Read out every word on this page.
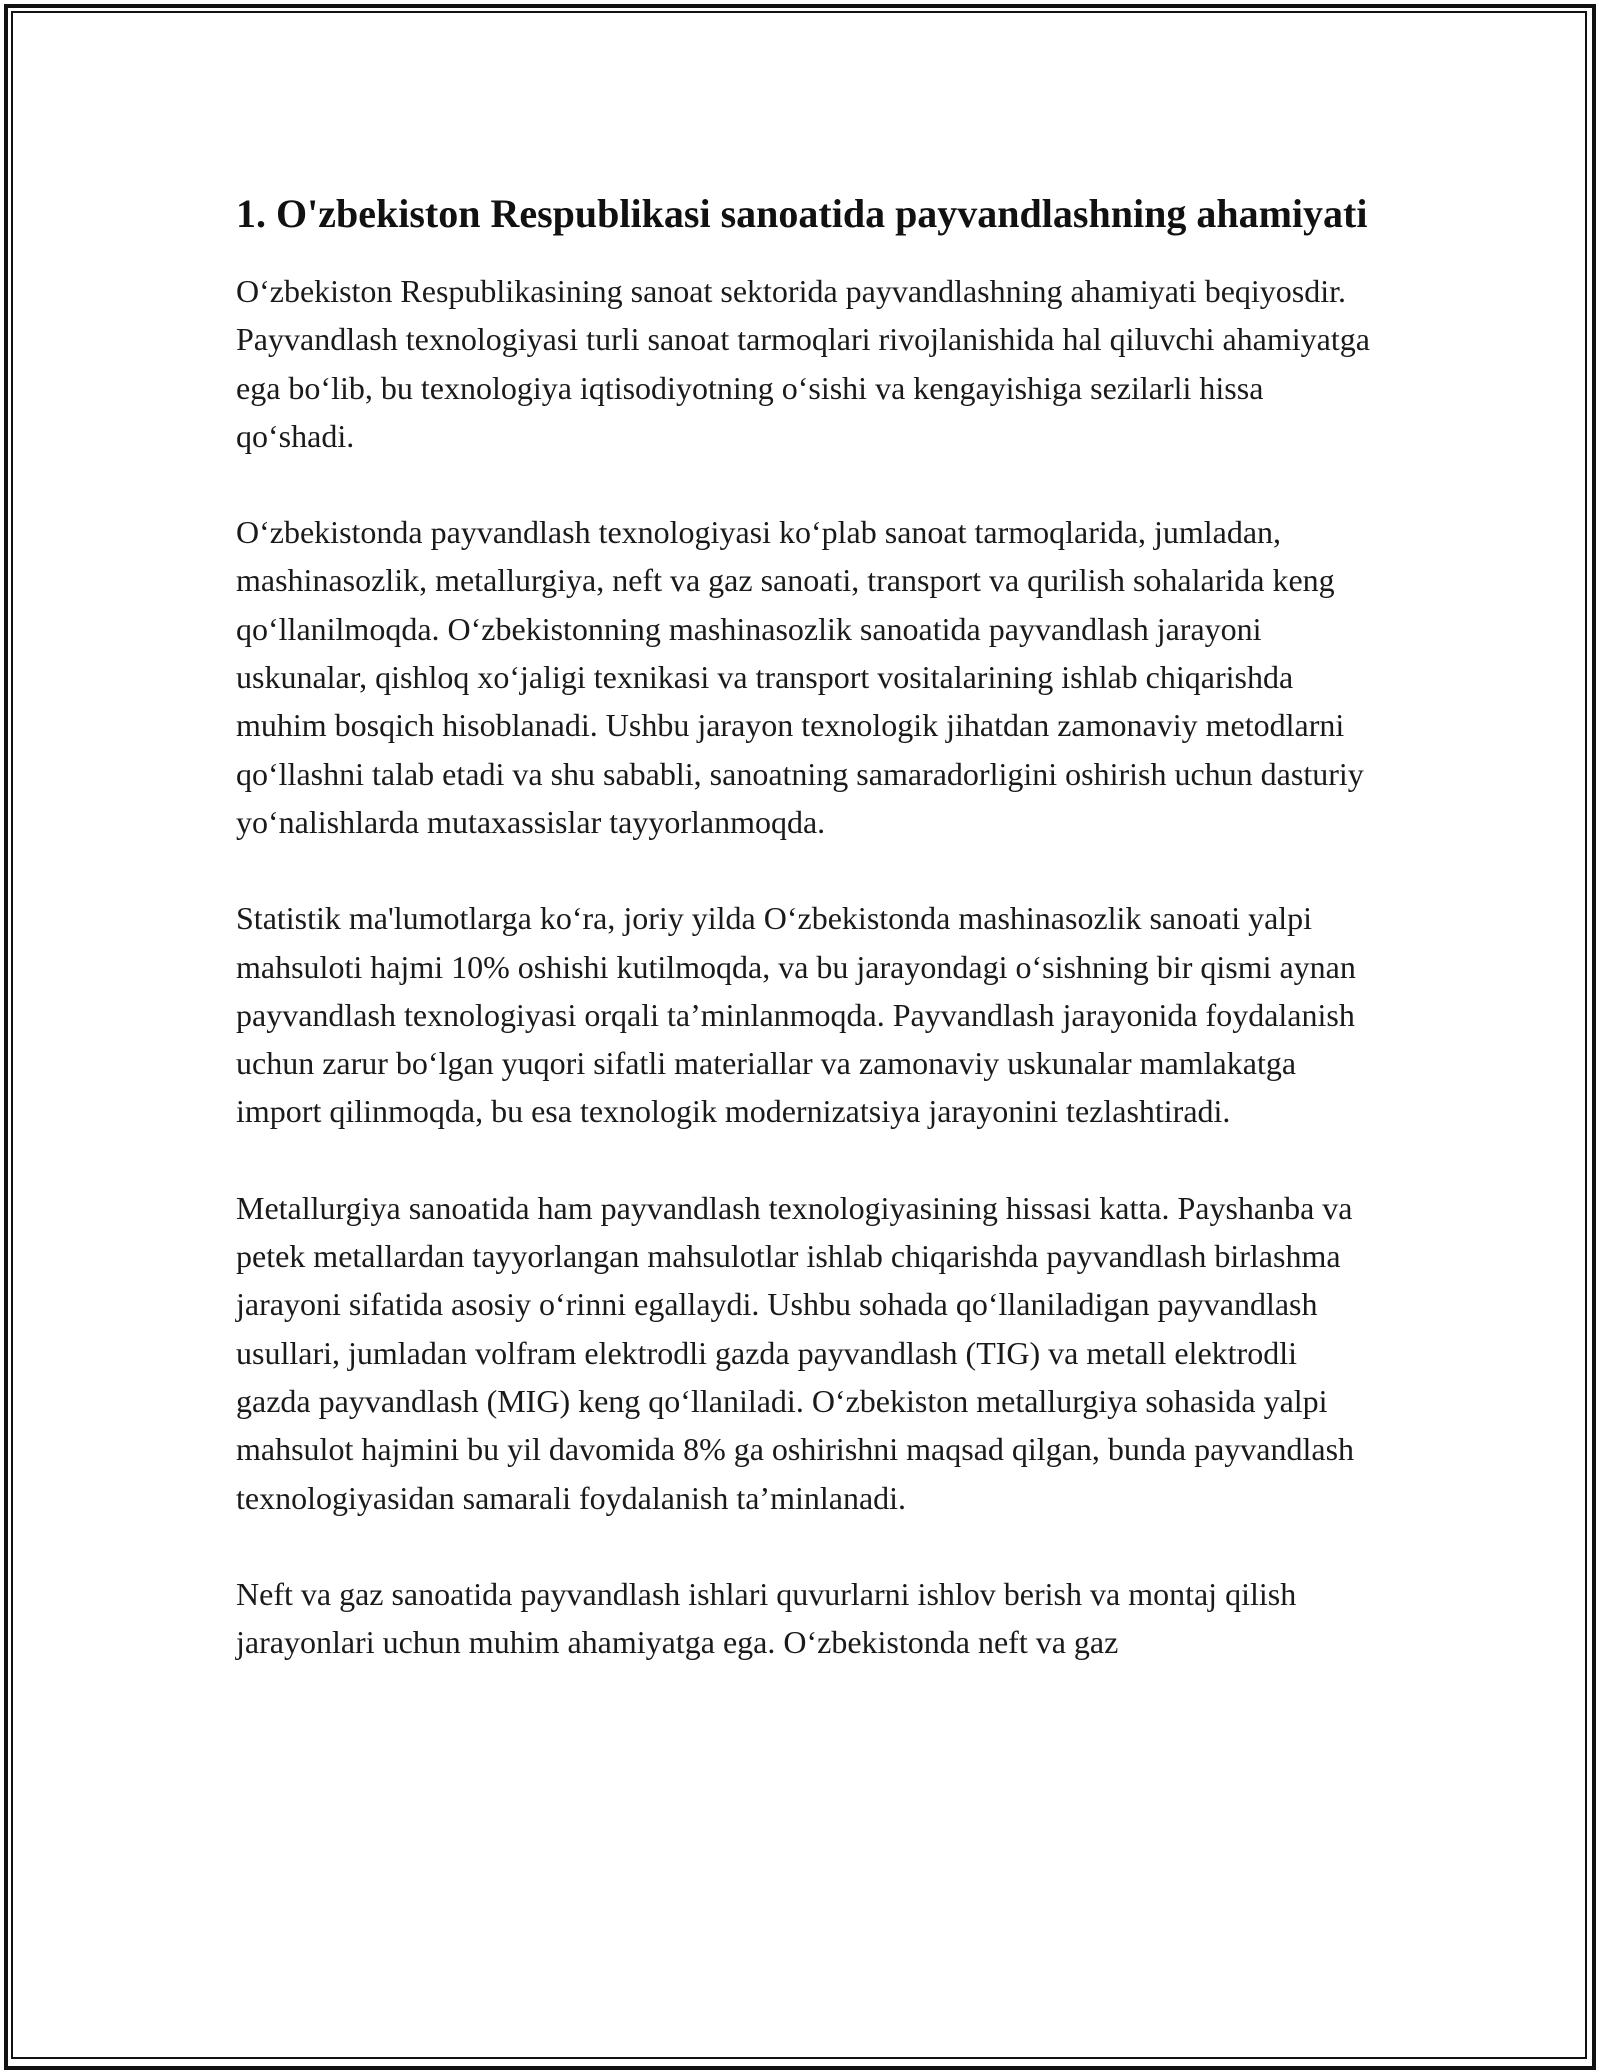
1. O'zbekiston Respublikasi sanoatida payvandlashning ahamiyati

O‘zbekiston Respublikasining sanoat sektorida payvandlashning ahamiyati beqiyosdir. Payvandlash texnologiyasi turli sanoat tarmoqlari rivojlanishida hal qiluvchi ahamiyatga ega bo‘lib, bu texnologiya iqtisodiyotning o‘sishi va kengayishiga sezilarli hissa qo‘shadi.

O‘zbekistonda payvandlash texnologiyasi ko‘plab sanoat tarmoqlarida, jumladan, mashinasozlik, metallurgiya, neft va gaz sanoati, transport va qurilish sohalarida keng qo‘llanilmoqda. O‘zbekistonning mashinasozlik sanoatida payvandlash jarayoni uskunalar, qishloq xo‘jaligi texnikasi va transport vositalarining ishlab chiqarishda muhim bosqich hisoblanadi. Ushbu jarayon texnologik jihatdan zamonaviy metodlarni qo‘llashni talab etadi va shu sababli, sanoatning samaradorligini oshirish uchun dasturiy yo‘nalishlarda mutaxassislar tayyorlanmoqda.

Statistik ma'lumotlarga ko‘ra, joriy yilda O‘zbekistonda mashinasozlik sanoati yalpi mahsuloti hajmi 10% oshishi kutilmoqda, va bu jarayondagi o‘sishning bir qismi aynan payvandlash texnologiyasi orqali ta’minlanmoqda. Payvandlash jarayonida foydalanish uchun zarur bo‘lgan yuqori sifatli materiallar va zamonaviy uskunalar mamlakatga import qilinmoqda, bu esa texnologik modernizatsiya jarayonini tezlashtiradi.

Metallurgiya sanoatida ham payvandlash texnologiyasining hissasi katta. Payshanba va petek metallardan tayyorlangan mahsulotlar ishlab chiqarishda payvandlash birlashma jarayoni sifatida asosiy o‘rinni egallaydi. Ushbu sohada qo‘llaniladigan payvandlash usullari, jumladan volfram elektrodli gazda payvandlash (TIG) va metall elektrodli gazda payvandlash (MIG) keng qo‘llaniladi. O‘zbekiston metallurgiya sohasida yalpi mahsulot hajmini bu yil davomida 8% ga oshirishni maqsad qilgan, bunda payvandlash texnologiyasidan samarali foydalanish ta’minlanadi.

Neft va gaz sanoatida payvandlash ishlari quvurlarni ishlov berish va montaj qilish jarayonlari uchun muhim ahamiyatga ega. O‘zbekistonda neft va gaz
